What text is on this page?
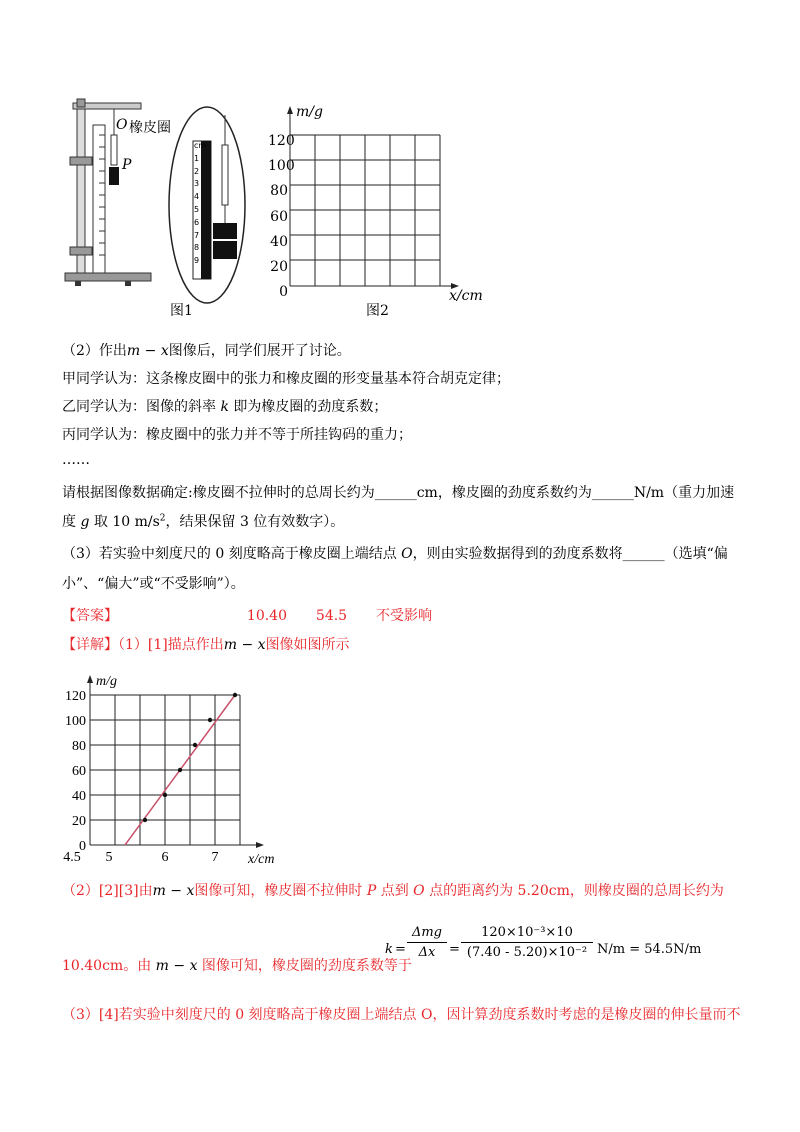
O 橡皮圈
P
cm
1
2
3
4
5
6
7
8
9
图1
120
100
80
60
40
20
0
m/g
x/cm
图2
（2）作出m − x图像后，同学们展开了讨论。
甲同学认为：这条橡皮圈中的张力和橡皮圈的形变量基本符合胡克定律；
乙同学认为：图像的斜率 k 即为橡皮圈的劲度系数；
丙同学认为：橡皮圈中的张力并不等于所挂钩码的重力；
……
请根据图像数据确定:橡皮圈不拉伸时的总周长约为______cm，橡皮圈的劲度系数约为______N/m（重力加速
度 g 取 10 $m/s^2$，结果保留 3 位有效数字）。
（3）若实验中刻度尺的 0 刻度略高于橡皮圈上端结点 O，则由实验数据得到的劲度系数将______（选填“偏
小”、“偏大”或“不受影响”）。
【答案】	10.40 54.5 不受影响
【详解】（1）[1]描点作出m − x图像如图所示
0
20
40
60
80
100
120
4.5 5	6	7
m/g
x/cm
（2）[2][3]由m − x图像可知，橡皮圈不拉伸时 P 点到 O 点的距离约为 5.20cm，则橡皮圈的总周长约为
10.40cm。由 m − x 图像可知，橡皮圈的劲度系数等于
k =
Δmg
Δx	=
120×10⁻³×10
(7.40 - 5.20)×10⁻² N/m = 54.5N/m
（3）[4]若实验中刻度尺的 0 刻度略高于橡皮圈上端结点 O，因计算劲度系数时考虑的是橡皮圈的伸长量而不
